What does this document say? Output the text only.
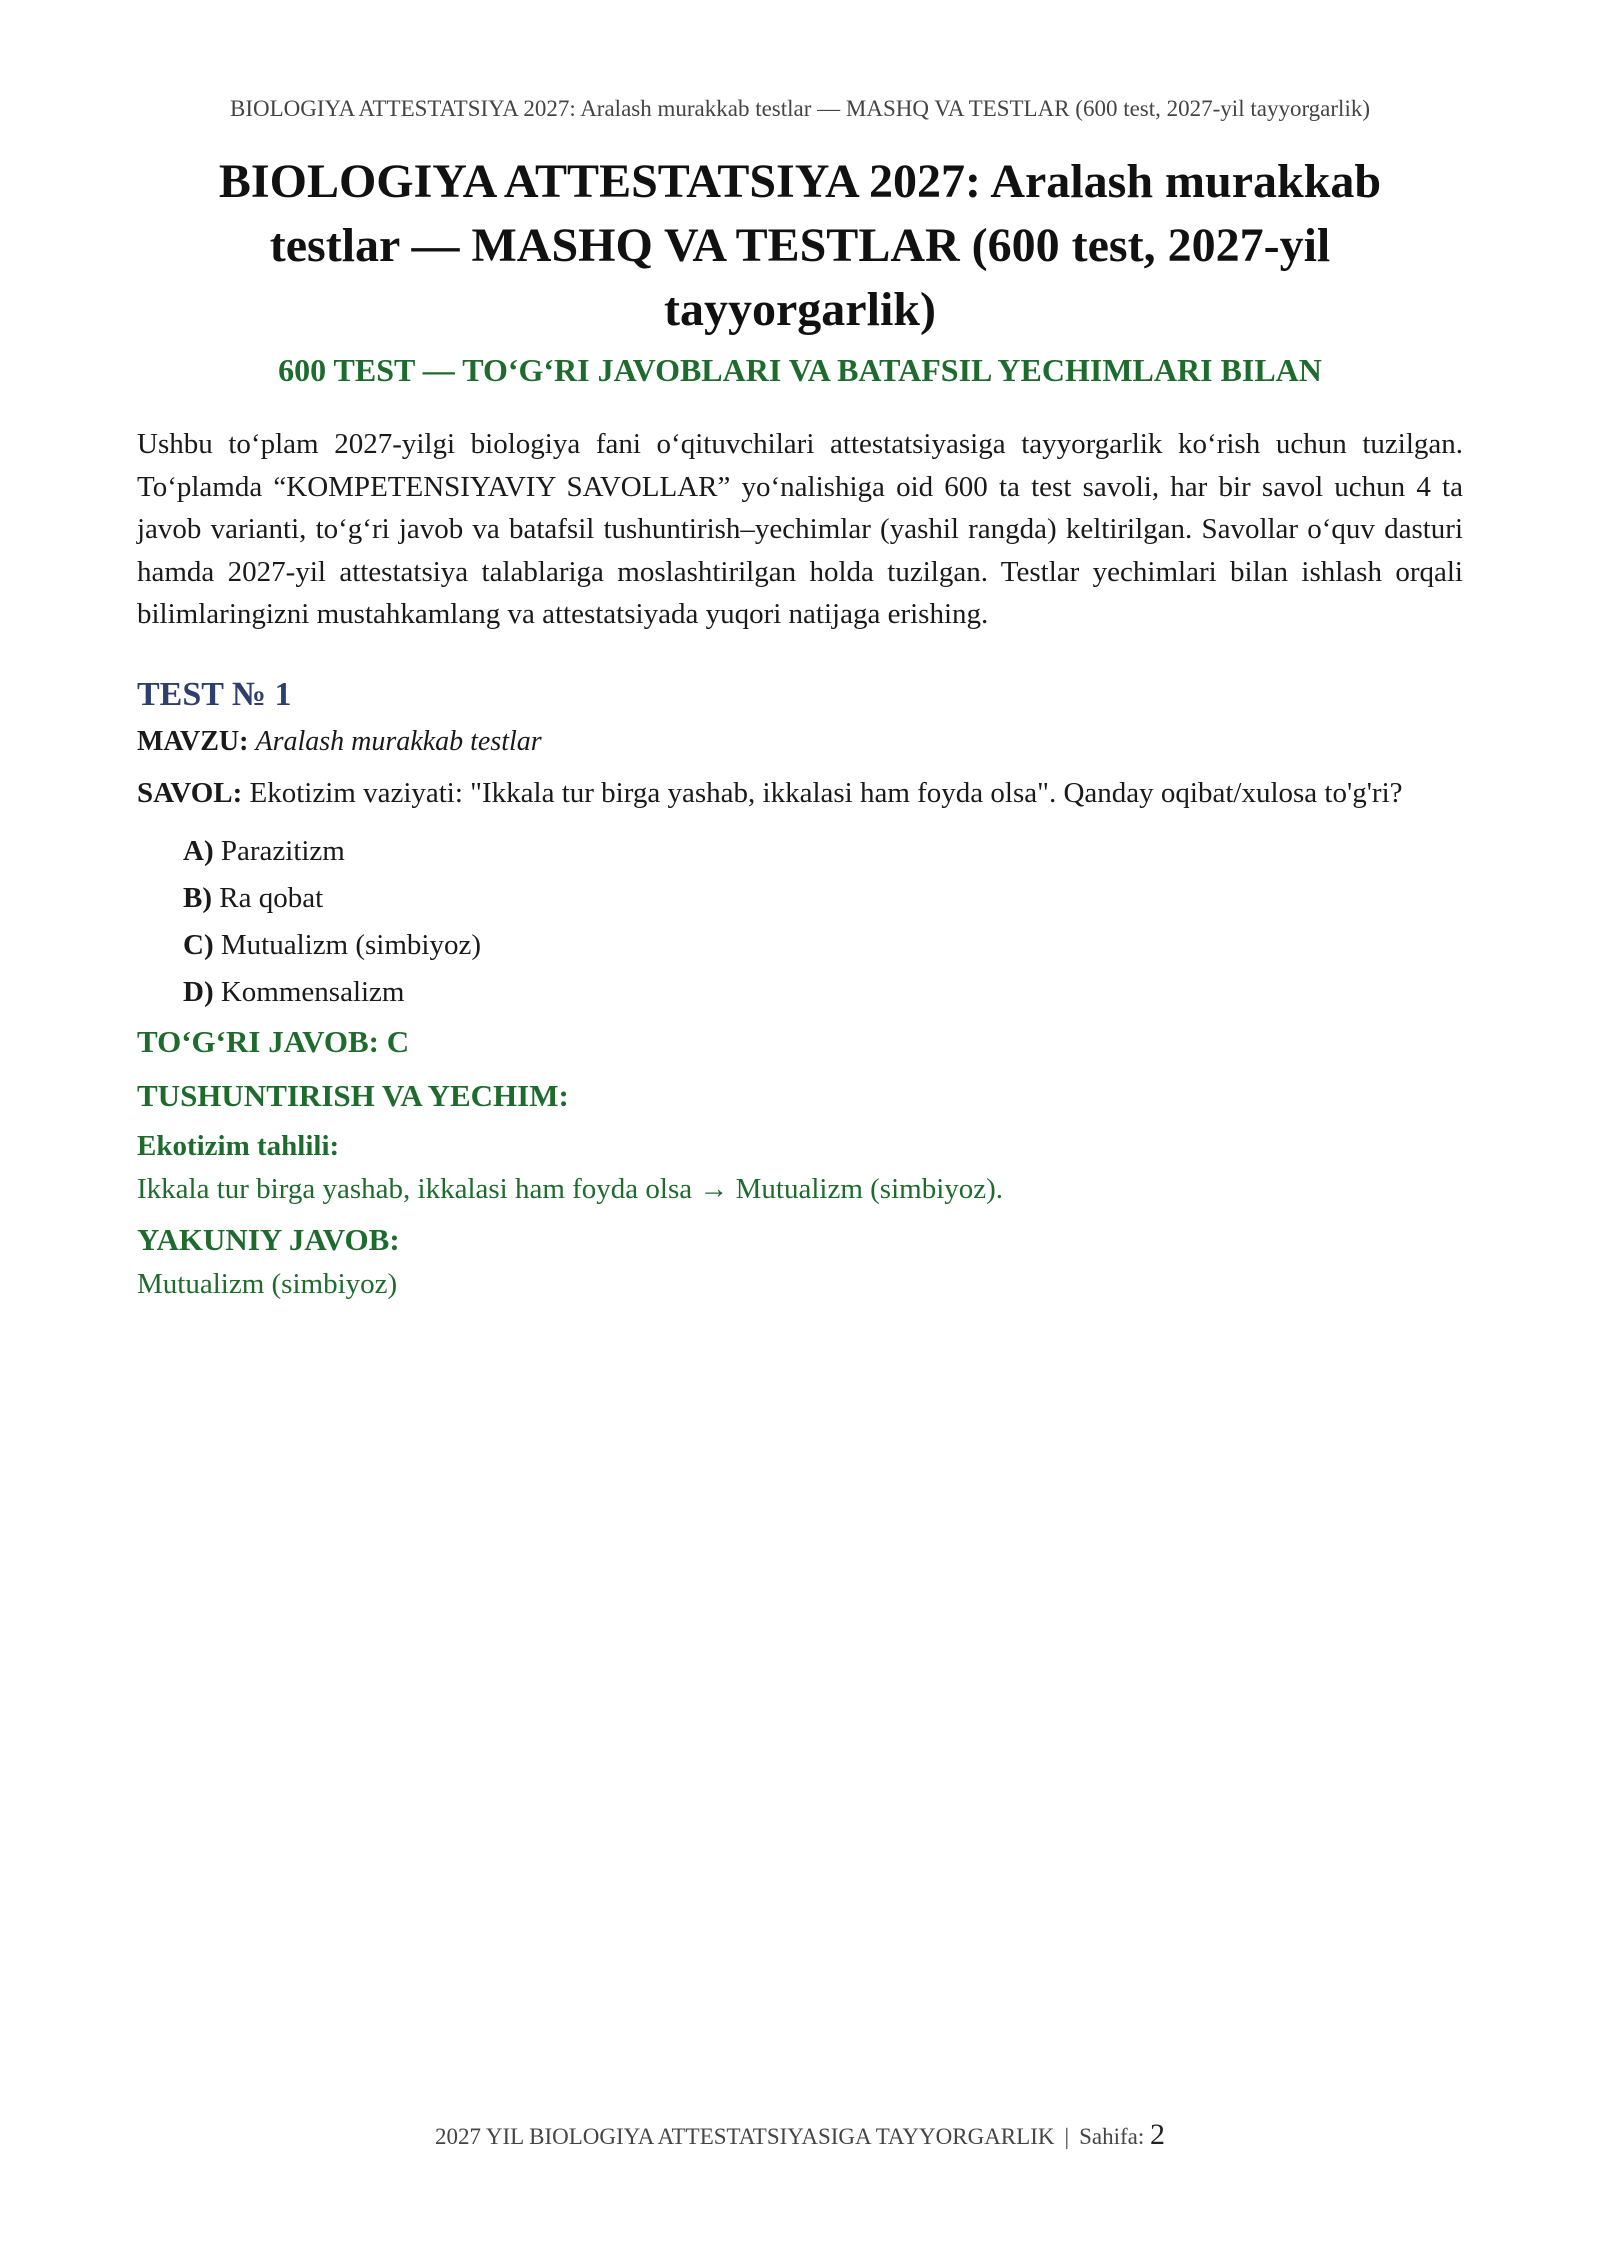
BIOLOGIYA ATTESTATSIYA 2027: Aralash murakkab testlar — MASHQ VA TESTLAR (600 test, 2027-yil tayyorgarlik)
BIOLOGIYA ATTESTATSIYA 2027: Aralash murakkab testlar — MASHQ VA TESTLAR (600 test, 2027-yil tayyorgarlik)
600 TEST — TO‘G‘RI JAVOBLARI VA BATAFSIL YECHIMLARI BILAN

Ushbu to‘plam 2027-yilgi biologiya fani o‘qituvchilari attestatsiyasiga tayyorgarlik ko‘rish uchun tuzilgan. To‘plamda “KOMPETENSIYAVIY SAVOLLAR” yo‘nalishiga oid 600 ta test savoli, har bir savol uchun 4 ta javob varianti, to‘g‘ri javob va batafsil tushuntirish–yechimlar (yashil rangda) keltirilgan. Savollar o‘quv dasturi hamda 2027-yil attestatsiya talablariga moslashtirilgan holda tuzilgan. Testlar yechimlari bilan ishlash orqali bilimlaringizni mustahkamlang va attestatsiyada yuqori natijaga erishing.

TEST № 1

MAVZU: Aralash murakkab testlar

SAVOL: Ekotizim vaziyati: "Ikkala tur birga yashab, ikkalasi ham foyda olsa". Qanday oqibat/xulosa to'g'ri?

A) Parazitizm
B) Ra qobat
C) Mutualizm (simbiyoz)
D) Kommensalizm

TO‘G‘RI JAVOB: C

TUSHUNTIRISH VA YECHIM:

Ekotizim tahlili:

Ikkala tur birga yashab, ikkalasi ham foyda olsa → Mutualizm (simbiyoz).

YAKUNIY JAVOB:

Mutualizm (simbiyoz)

2027 YIL BIOLOGIYA ATTESTATSIYASIGA TAYYORGARLIK | Sahifa: 2
